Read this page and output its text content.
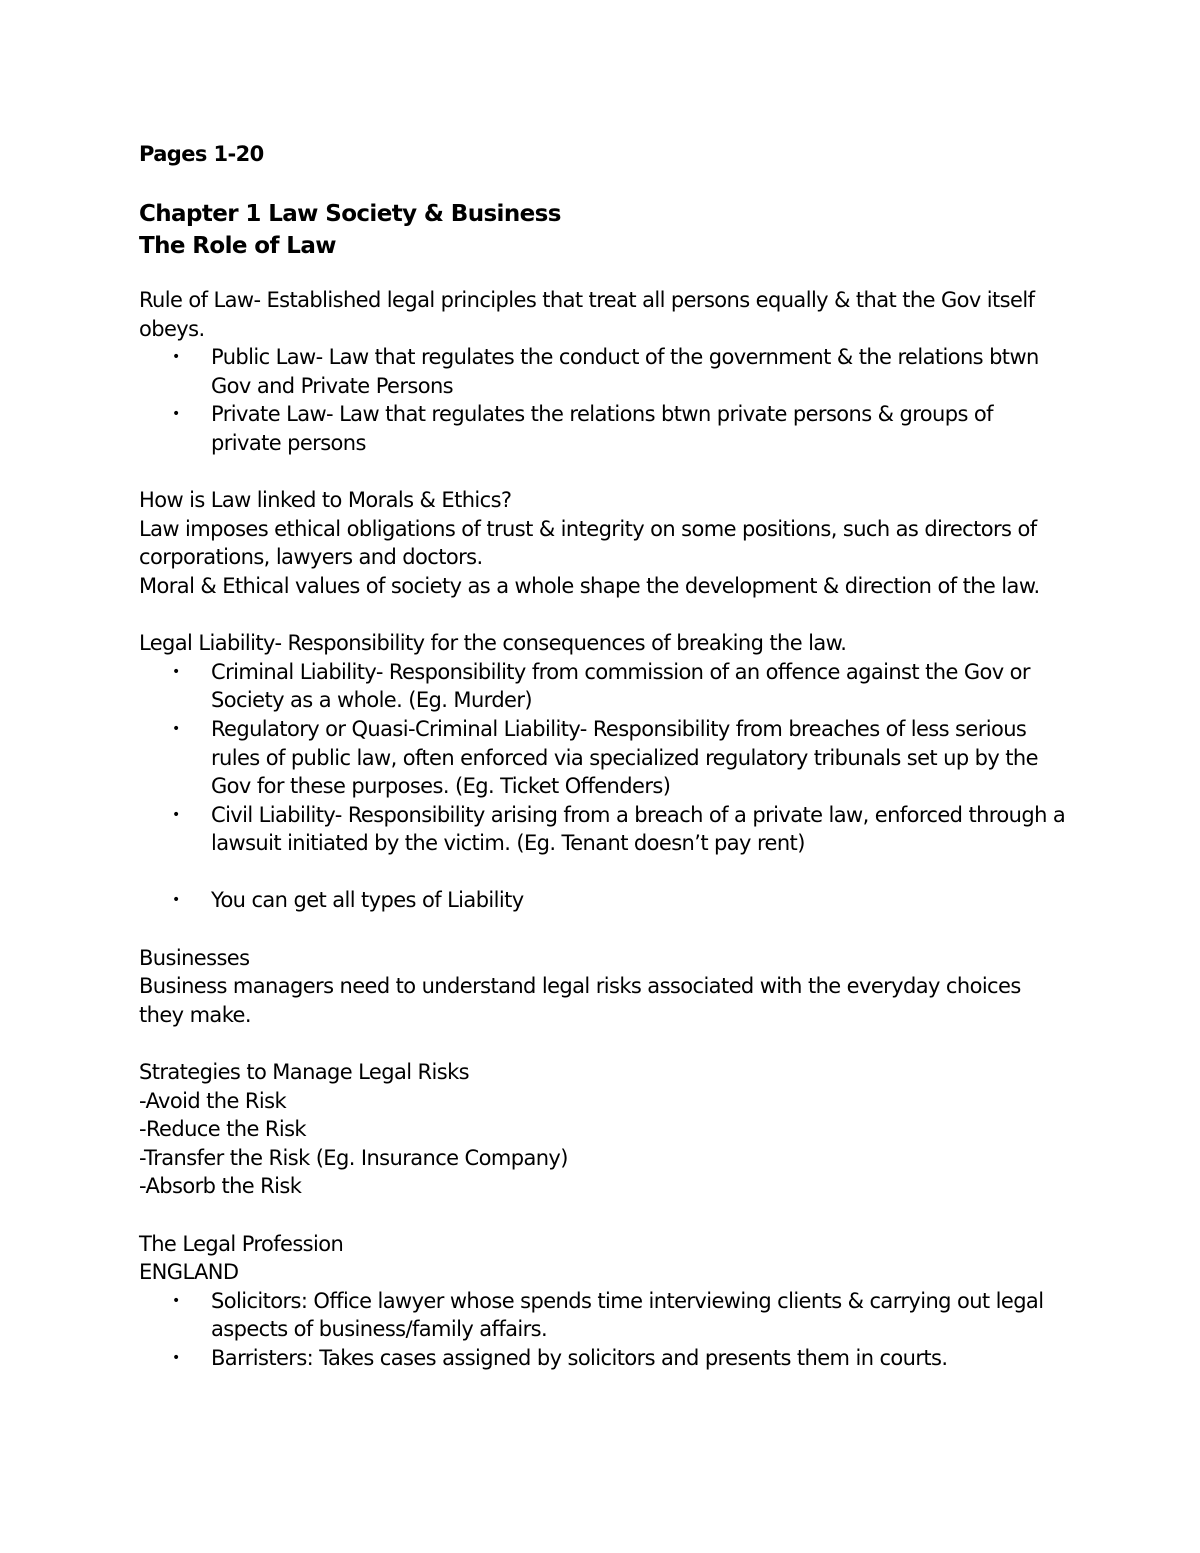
Pages 1-20

Chapter 1 Law Society & Business

The Role of Law

Rule of Law- Established legal principles that treat all persons equally & that the Gov itself obeys.

• Public Law- Law that regulates the conduct of the government & the relations btwn Gov and Private Persons
• Private Law- Law that regulates the relations btwn private persons & groups of private persons

How is Law linked to Morals & Ethics?

Law imposes ethical obligations of trust & integrity on some positions, such as directors of corporations, lawyers and doctors.

Moral & Ethical values of society as a whole shape the development & direction of the law.

Legal Liability- Responsibility for the consequences of breaking the law.

• Criminal Liability- Responsibility from commission of an offence against the Gov or Society as a whole. (Eg. Murder)
• Regulatory or Quasi-Criminal Liability- Responsibility from breaches of less serious rules of public law, often enforced via specialized regulatory tribunals set up by the Gov for these purposes. (Eg. Ticket Offenders)
• Civil Liability- Responsibility arising from a breach of a private law, enforced through a lawsuit initiated by the victim. (Eg. Tenant doesn’t pay rent)
• You can get all types of Liability

Businesses

Business managers need to understand legal risks associated with the everyday choices they make.

Strategies to Manage Legal Risks

-Avoid the Risk

-Reduce the Risk

-Transfer the Risk (Eg. Insurance Company)

-Absorb the Risk

The Legal Profession

ENGLAND

• Solicitors: Office lawyer whose spends time interviewing clients & carrying out legal aspects of business/family affairs.
• Barristers: Takes cases assigned by solicitors and presents them in courts.
